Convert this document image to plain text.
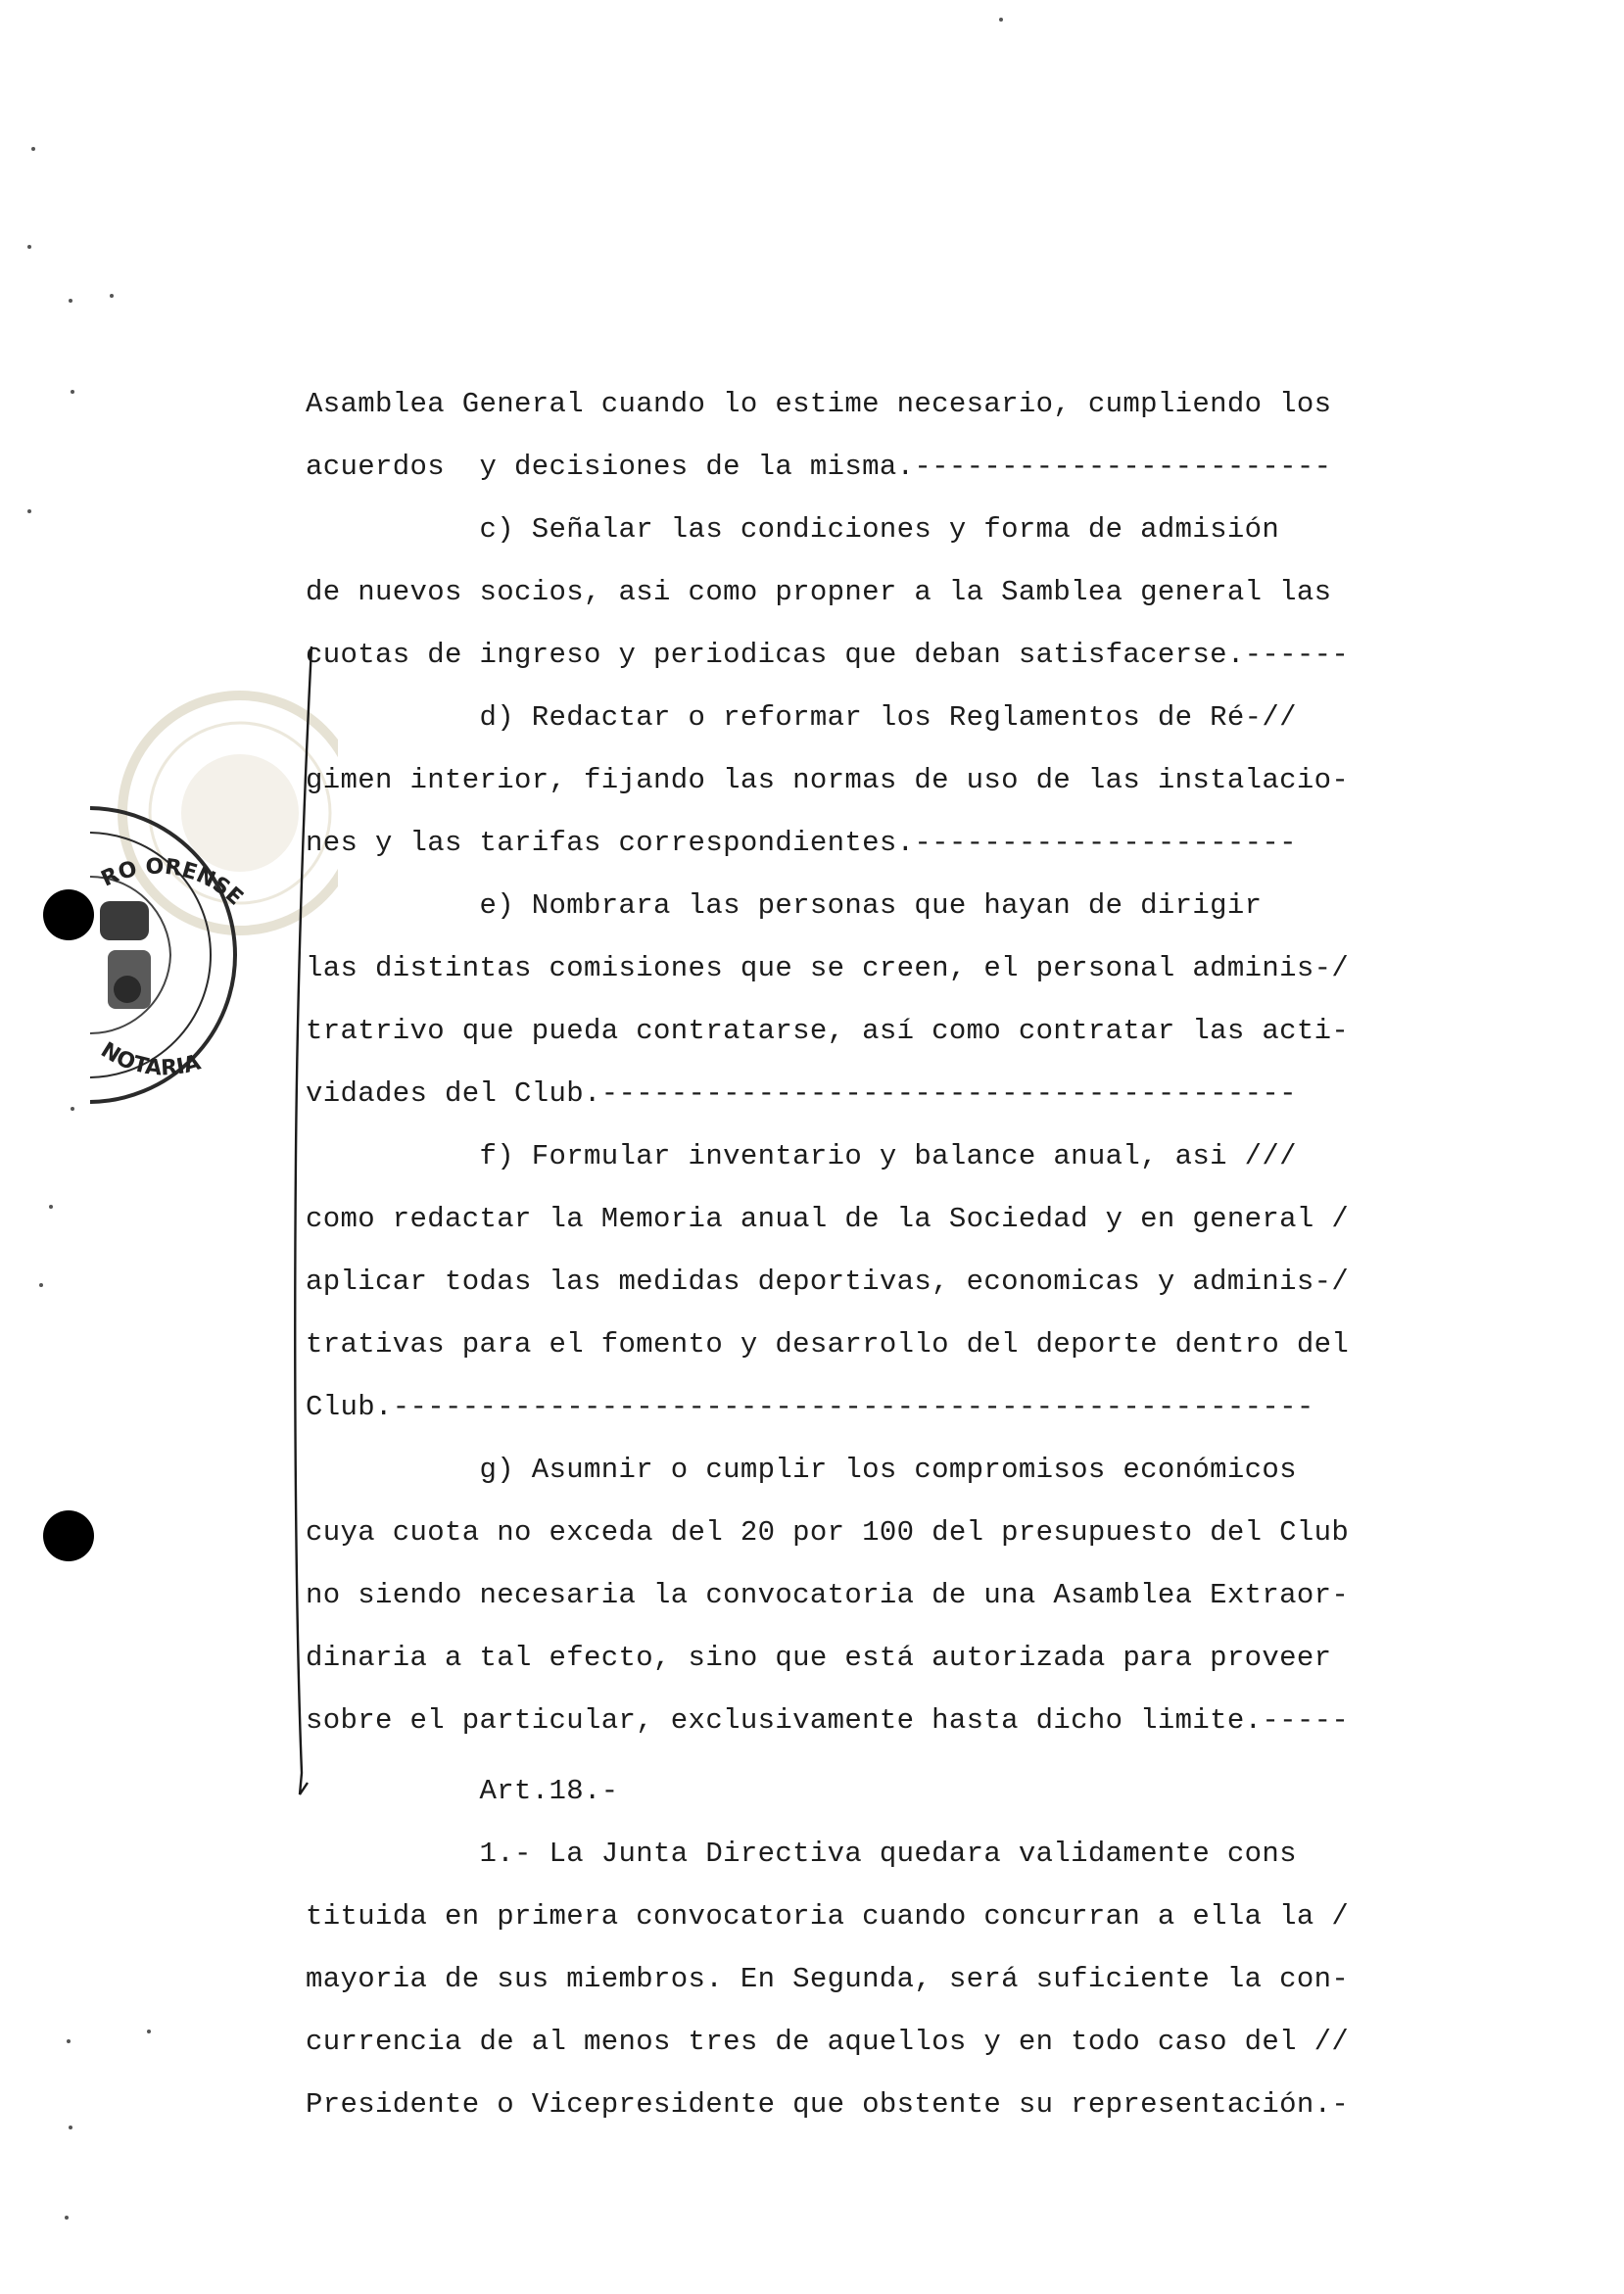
RO ORENSE
NOTARIA
Asamblea General cuando lo estime necesario, cumpliendo los
acuerdos  y decisiones de la misma.------------------------
c) Señalar las condiciones y forma de admisión
de nuevos socios, asi como propner a la Samblea general las
cuotas de ingreso y periodicas que deban satisfacerse.------
d) Redactar o reformar los Reglamentos de Ré-//
gimen interior, fijando las normas de uso de las instalacio-
nes y las tarifas correspondientes.----------------------
e) Nombrara las personas que hayan de dirigir
las distintas comisiones que se creen, el personal adminis-/
tratrivo que pueda contratarse, así como contratar las acti-
vidades del Club.----------------------------------------
f) Formular inventario y balance anual, asi ///
como redactar la Memoria anual de la Sociedad y en general /
aplicar todas las medidas deportivas, economicas y adminis-/
trativas para el fomento y desarrollo del deporte dentro del
Club.-----------------------------------------------------
g) Asumnir o cumplir los compromisos económicos
cuya cuota no exceda del 20 por 100 del presupuesto del Club
no siendo necesaria la convocatoria de una Asamblea Extraor-
dinaria a tal efecto, sino que está autorizada para proveer
sobre el particular, exclusivamente hasta dicho limite.-----
Art.18.-
1.- La Junta Directiva quedara validamente cons
tituida en primera convocatoria cuando concurran a ella la /
mayoria de sus miembros. En Segunda, será suficiente la con-
currencia de al menos tres de aquellos y en todo caso del //
Presidente o Vicepresidente que obstente su representación.-
